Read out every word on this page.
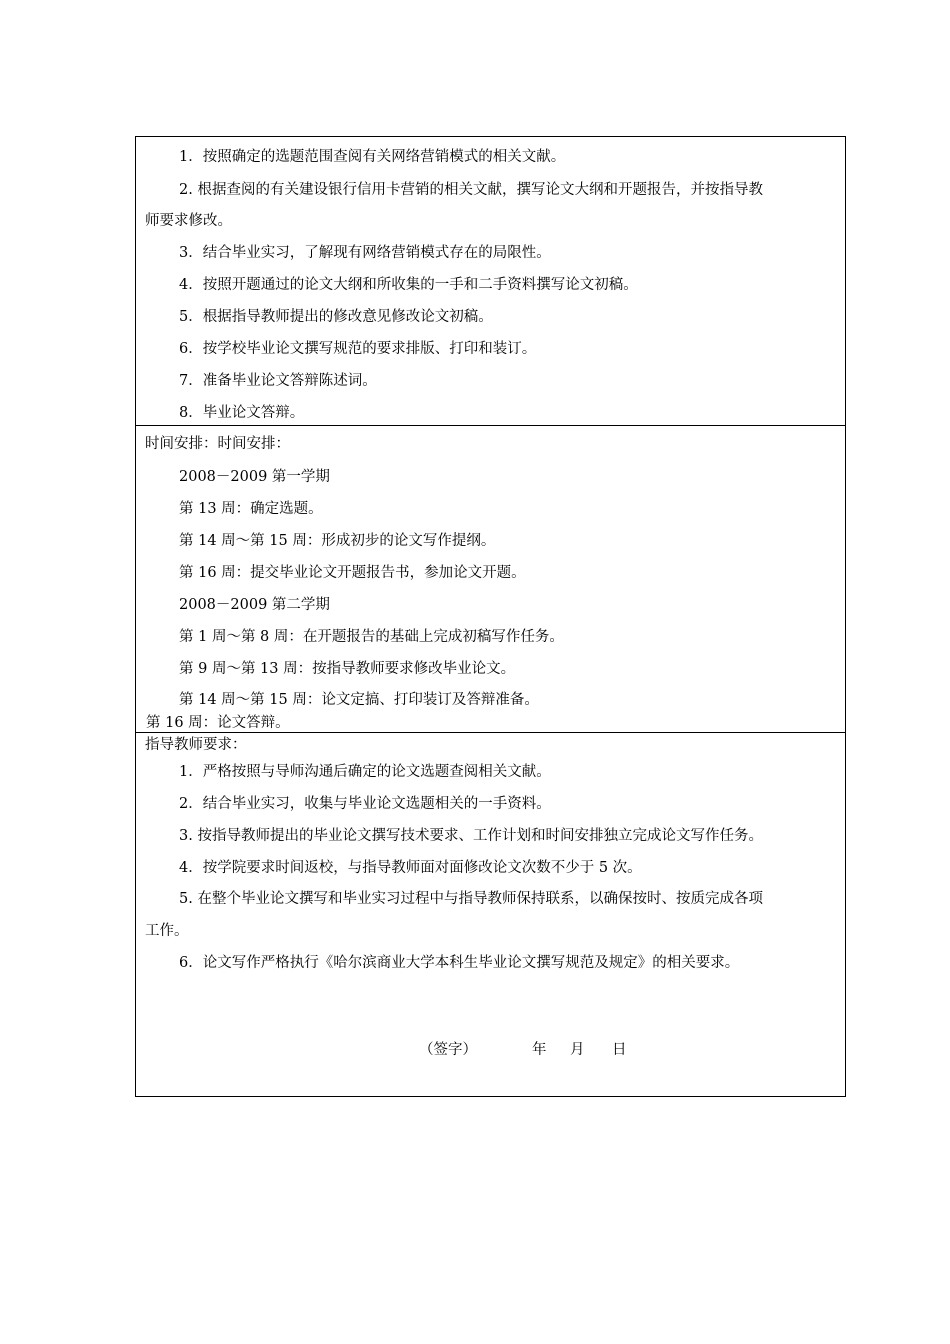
1．按照确定的选题范围查阅有关网络营销模式的相关文献。
2. 根据查阅的有关建设银行信用卡营销的相关文献，撰写论文大纲和开题报告，并按指导教
师要求修改。
3．结合毕业实习，了解现有网络营销模式存在的局限性。
4．按照开题通过的论文大纲和所收集的一手和二手资料撰写论文初稿。
5．根据指导教师提出的修改意见修改论文初稿。
6．按学校毕业论文撰写规范的要求排版、打印和装订。
7．准备毕业论文答辩陈述词。
8．毕业论文答辩。
时间安排：时间安排：
2008－2009 第一学期
第 13 周：确定选题。
第 14 周～第 15 周：形成初步的论文写作提纲。
第 16 周：提交毕业论文开题报告书，参加论文开题。
2008－2009 第二学期
第 1 周～第 8 周：在开题报告的基础上完成初稿写作任务。
第 9 周～第 13 周：按指导教师要求修改毕业论文。
第 14 周～第 15 周：论文定搞、打印装订及答辩准备。
第 16 周：论文答辩。
指导教师要求：
1．严格按照与导师沟通后确定的论文选题查阅相关文献。
2．结合毕业实习，收集与毕业论文选题相关的一手资料。
3. 按指导教师提出的毕业论文撰写技术要求、工作计划和时间安排独立完成论文写作任务。
4．按学院要求时间返校，与指导教师面对面修改论文次数不少于 5 次。
5. 在整个毕业论文撰写和毕业实习过程中与指导教师保持联系，以确保按时、按质完成各项
工作。
6．论文写作严格执行《哈尔滨商业大学本科生毕业论文撰写规范及规定》的相关要求。
（签字）	年 月 日
